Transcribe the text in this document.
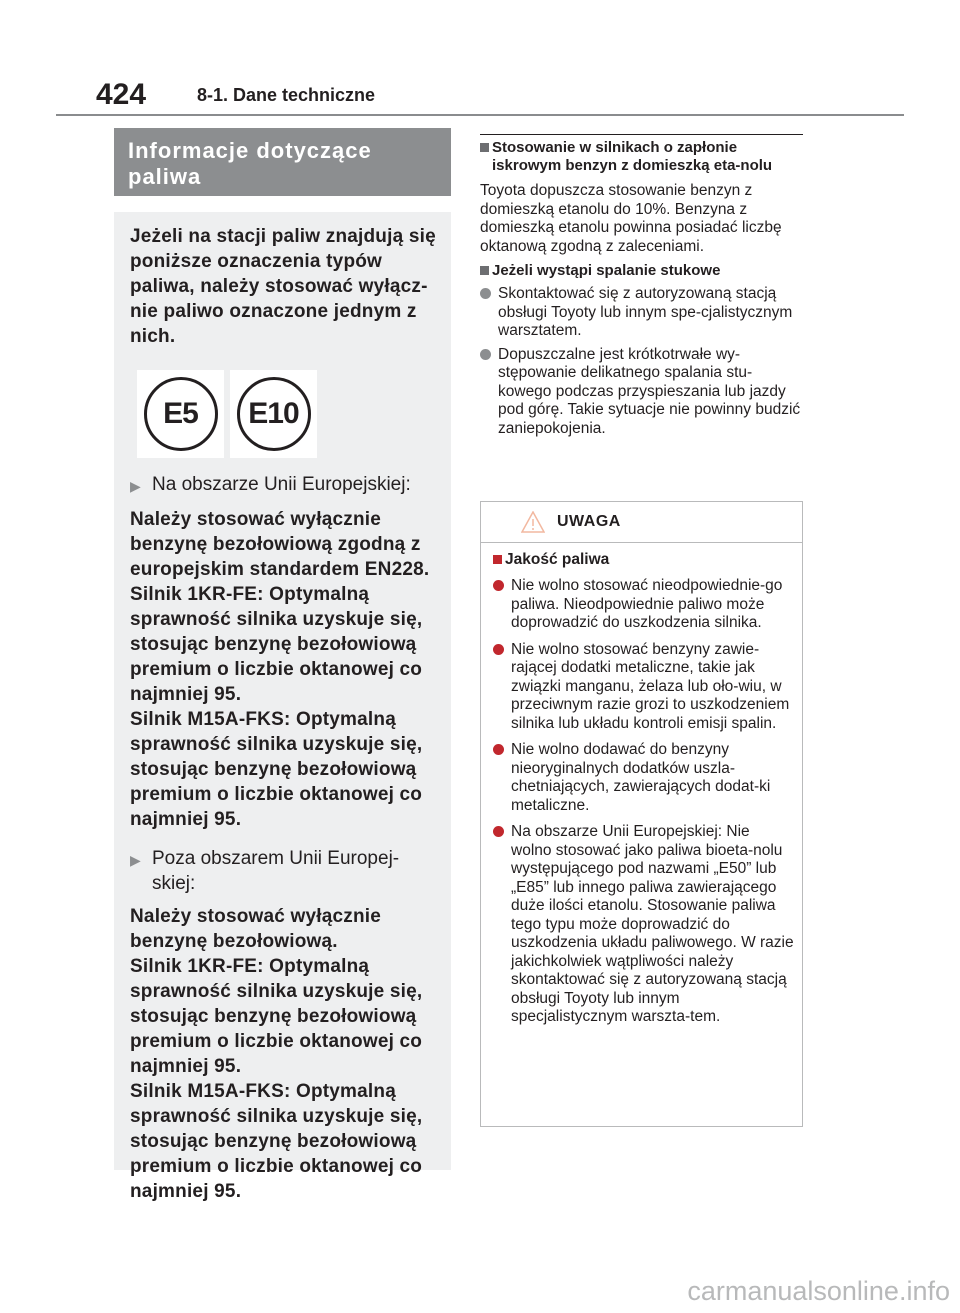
424	8-1. Dane techniczne
Informacje dotyczące
paliwa

Jeżeli na stacji paliw znajdują się poniższe oznaczenia typów paliwa, należy stosować wyłącz-nie paliwo oznaczone jednym z nich.

E5	E10
▶ Na obszarze Unii Europejskiej:

Należy stosować wyłącznie benzynę bezołowiową zgodną z europejskim standardem EN228.

Silnik 1KR-FE: Optymalną sprawność silnika uzyskuje się, stosując benzynę bezołowiową premium o liczbie oktanowej co najmniej 95.

Silnik M15A-FKS: Optymalną sprawność silnika uzyskuje się, stosując benzynę bezołowiową premium o liczbie oktanowej co najmniej 95.

▶ Poza obszarem Unii Europej-skiej:

Należy stosować wyłącznie benzynę bezołowiową.

Silnik 1KR-FE: Optymalną sprawność silnika uzyskuje się, stosując benzynę bezołowiową premium o liczbie oktanowej co najmniej 95.

Silnik M15A-FKS: Optymalną sprawność silnika uzyskuje się, stosując benzynę bezołowiową premium o liczbie oktanowej co najmniej 95.

Stosowanie w silnikach o zapłonie iskrowym benzyn z domieszką eta-nolu

Toyota dopuszcza stosowanie benzyn z domieszką etanolu do 10%. Benzyna z domieszką etanolu powinna posiadać liczbę oktanową zgodną z zaleceniami.

Jeżeli wystąpi spalanie stukowe
Skontaktować się z autoryzowaną stacją obsługi Toyoty lub innym spe-cjalistycznym warsztatem.
Dopuszczalne jest krótkotrwałe wy-stępowanie delikatnego spalania stu-kowego podczas przyspieszania lub jazdy pod górę. Takie sytuacje nie powinny budzić zaniepokojenia.
UWAGA
Jakość paliwa
Nie wolno stosować nieodpowiednie-go paliwa. Nieodpowiednie paliwo może doprowadzić do uszkodzenia silnika.
Nie wolno stosować benzyny zawie-rającej dodatki metaliczne, takie jak związki manganu, żelaza lub oło-wiu, w przeciwnym razie grozi to uszkodzeniem silnika lub układu kontroli emisji spalin.
Nie wolno dodawać do benzyny nieoryginalnych dodatków uszla-chetniających, zawierających dodat-ki metaliczne.
Na obszarze Unii Europejskiej: Nie wolno stosować jako paliwa bioeta-nolu występującego pod nazwami „E50” lub „E85” lub innego paliwa zawierającego duże ilości etanolu. Stosowanie paliwa tego typu może doprowadzić do uszkodzenia układu paliwowego. W razie jakichkolwiek wątpliwości należy skontaktować się z autoryzowaną stacją obsługi Toyoty lub innym specjalistycznym warszta-tem.
carmanualsonline.info
